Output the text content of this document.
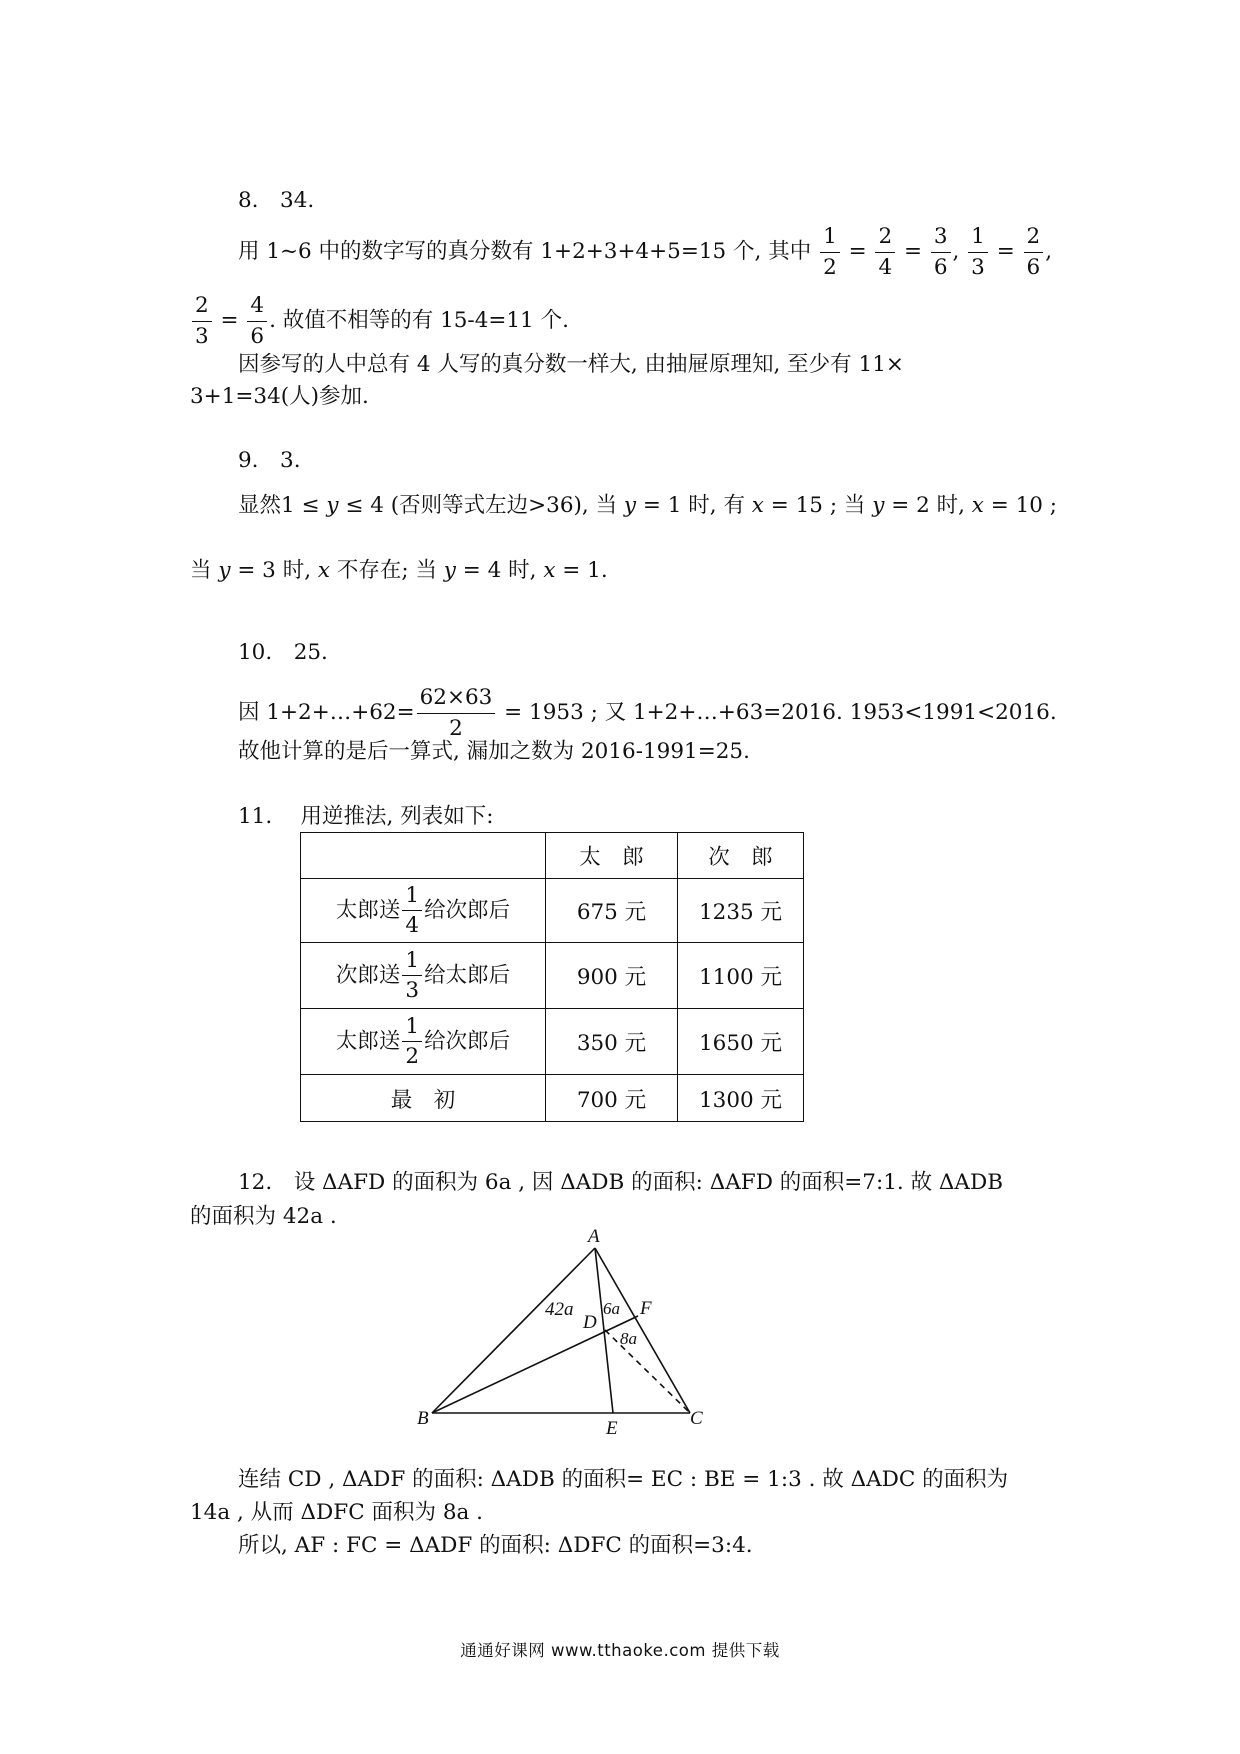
8.　34.
用 1~6 中的数字写的真分数有 1+2+3+4+5=15 个, 其中 $\frac{1}{2} = \frac{2}{4} = \frac{3}{6}$ , $\frac{1}{3} = \frac{2}{6}$ ,
$\frac{2}{3} = \frac{4}{6}$ . 故值不相等的有 15-4=11 个.
因参写的人中总有 4 人写的真分数一样大, 由抽屉原理知, 至少有 11×
3+1=34(人)参加.
9.　3.
显然1 ≤ y ≤ 4 (否则等式左边>36), 当 y = 1 时, 有 x = 15 ; 当 y = 2 时, x = 10 ;
当 y = 3 时, x 不存在; 当 y = 4 时, x = 1.
10.　25.
因 1+2+…+62= $\frac{62\times 63}{2} = 1953$ ; 又 1+2+…+63=2016. 1953<1991<2016.
故他计算的是后一算式, 漏加之数为 2016-1991=25.
11.　 用逆推法, 列表如下:
	太　郎	次　郎
太郎送 $\frac{1}{4}$ 给次郎后	675 元	1235 元
次郎送 $\frac{1}{3}$ 给太郎后	900 元	1100 元
太郎送 $\frac{1}{2}$ 给次郎后	350 元	1650 元
最　初	700 元	1300 元
12.　设 ΔAFD 的面积为 6a , 因 ΔADB 的面积: ΔAFD 的面积=7:1. 故 ΔADB
的面积为 42a .
A
B	C
D
E
F
42a 6a
8a
连结 CD , ΔADF 的面积: ΔADB 的面积= EC : BE = 1:3 . 故 ΔADC 的面积为
14a , 从而 ΔDFC 面积为 8a .
所以, AF : FC = ΔADF 的面积: ΔDFC 的面积=3:4.
通通好课网 www.tthaoke.com 提供下载
